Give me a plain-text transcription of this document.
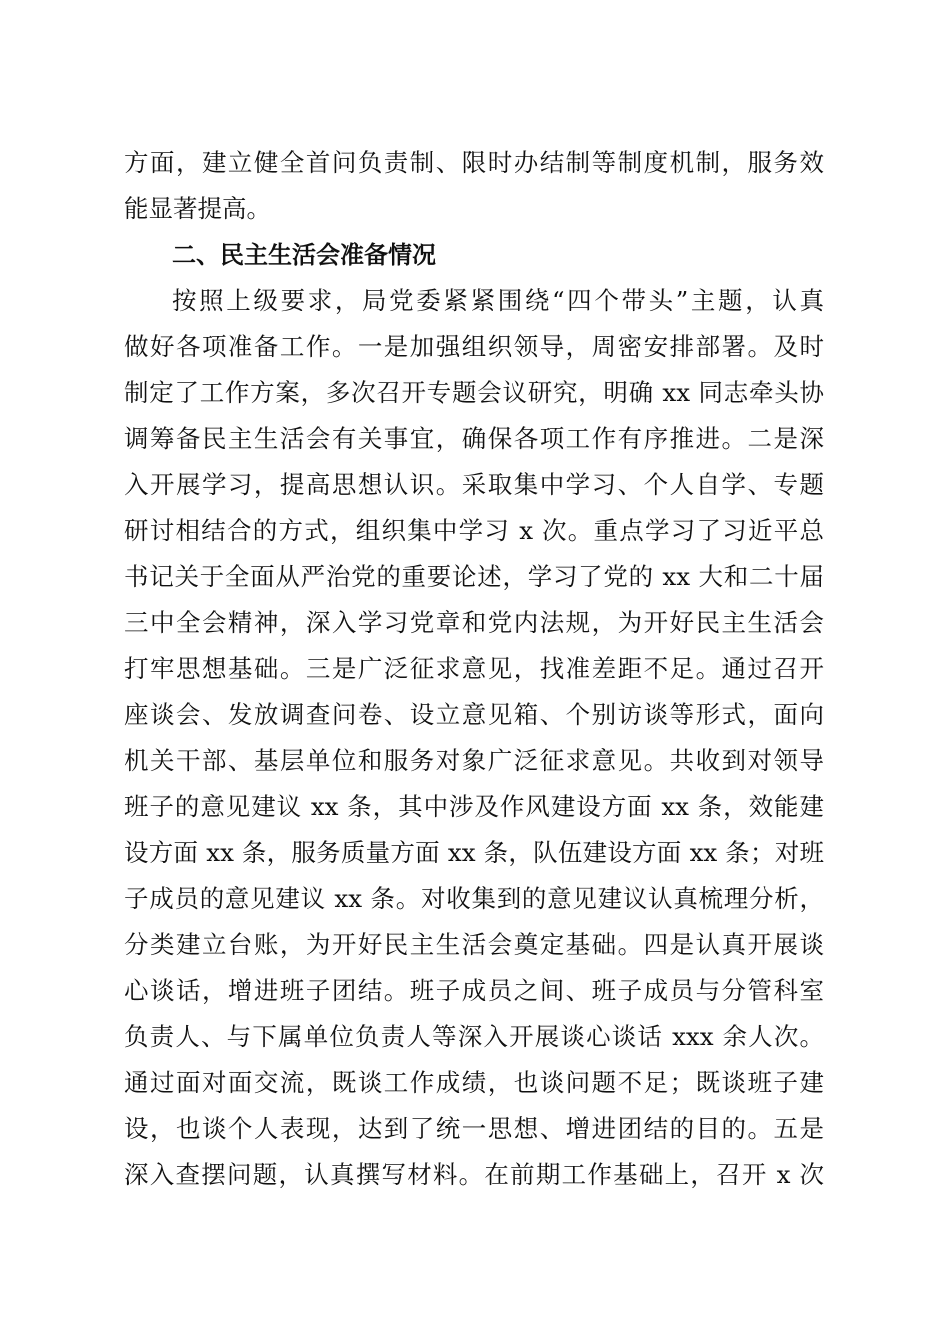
方面，建立健全首问负责制、限时办结制等制度机制，服务效
能显著提高。
二、民主生活会准备情况
按照上级要求，局党委紧紧围绕“四个带头”主题，认真
做好各项准备工作。一是加强组织领导，周密安排部署。及时
制定了工作方案，多次召开专题会议研究，明确 xx 同志牵头协
调筹备民主生活会有关事宜，确保各项工作有序推进。二是深
入开展学习，提高思想认识。采取集中学习、个人自学、专题
研讨相结合的方式，组织集中学习 x 次。重点学习了习近平总
书记关于全面从严治党的重要论述，学习了党的 xx 大和二十届
三中全会精神，深入学习党章和党内法规，为开好民主生活会
打牢思想基础。三是广泛征求意见，找准差距不足。通过召开
座谈会、发放调查问卷、设立意见箱、个别访谈等形式，面向
机关干部、基层单位和服务对象广泛征求意见。共收到对领导
班子的意见建议 xx 条，其中涉及作风建设方面 xx 条，效能建
设方面 xx 条，服务质量方面 xx 条，队伍建设方面 xx 条；对班
子成员的意见建议 xx 条。对收集到的意见建议认真梳理分析，
分类建立台账，为开好民主生活会奠定基础。四是认真开展谈
心谈话，增进班子团结。班子成员之间、班子成员与分管科室
负责人、与下属单位负责人等深入开展谈心谈话 xxx 余人次。
通过面对面交流，既谈工作成绩，也谈问题不足；既谈班子建
设，也谈个人表现，达到了统一思想、增进团结的目的。五是
深入查摆问题，认真撰写材料。在前期工作基础上，召开 x 次
